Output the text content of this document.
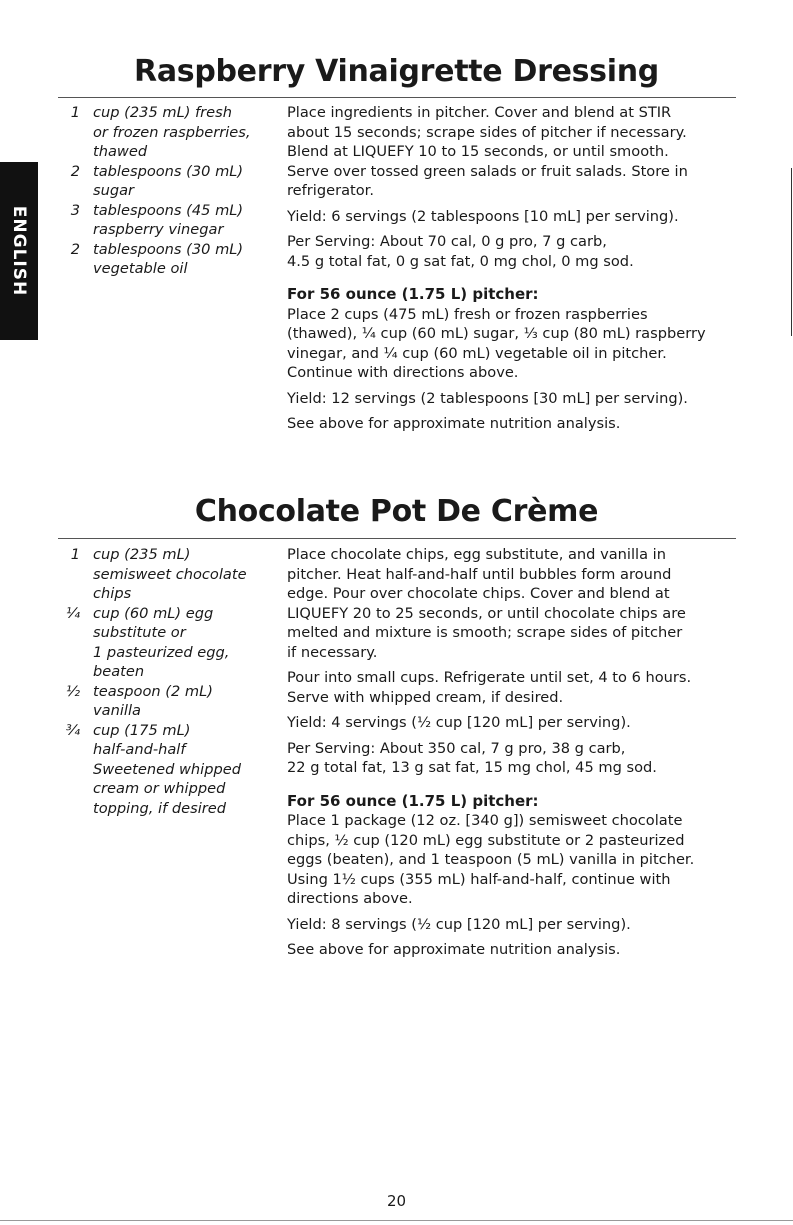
ENGLISH
Raspberry Vinaigrette Dressing
1 cup (235 mL) fresh
or frozen raspberries,
thawed
2 tablespoons (30 mL)
sugar
3 tablespoons (45 mL)
raspberry vinegar
2 tablespoons (30 mL)
vegetable oil

Place ingredients in pitcher. Cover and blend at STIR
about 15 seconds; scrape sides of pitcher if necessary.
Blend at LIQUEFY 10 to 15 seconds, or until smooth.
Serve over tossed green salads or fruit salads. Store in
refrigerator.

Yield: 6 servings (2 tablespoons [10 mL] per serving).

Per Serving: About 70 cal, 0 g pro, 7 g carb,
4.5 g total fat, 0 g sat fat, 0 mg chol, 0 mg sod.

For 56 ounce (1.75 L) pitcher:

Place 2 cups (475 mL) fresh or frozen raspberries
(thawed), ¼ cup (60 mL) sugar, ⅓ cup (80 mL) raspberry
vinegar, and ¼ cup (60 mL) vegetable oil in pitcher.
Continue with directions above.

Yield: 12 servings (2 tablespoons [30 mL] per serving).

See above for approximate nutrition analysis.

Chocolate Pot De Crème
1 cup (235 mL)
semisweet chocolate
chips
¼ cup (60 mL) egg
substitute or
1 pasteurized egg,
beaten
½ teaspoon (2 mL)
vanilla
¾ cup (175 mL)
half-and-half
Sweetened whipped
cream or whipped
topping, if desired

Place chocolate chips, egg substitute, and vanilla in
pitcher. Heat half-and-half until bubbles form around
edge. Pour over chocolate chips. Cover and blend at
LIQUEFY 20 to 25 seconds, or until chocolate chips are
melted and mixture is smooth; scrape sides of pitcher
if necessary.

Pour into small cups. Refrigerate until set, 4 to 6 hours.
Serve with whipped cream, if desired.

Yield: 4 servings (½ cup [120 mL] per serving).

Per Serving: About 350 cal, 7 g pro, 38 g carb,
22 g total fat, 13 g sat fat, 15 mg chol, 45 mg sod.

For 56 ounce (1.75 L) pitcher:

Place 1 package (12 oz. [340 g]) semisweet chocolate
chips, ½ cup (120 mL) egg substitute or 2 pasteurized
eggs (beaten), and 1 teaspoon (5 mL) vanilla in pitcher.
Using 1½ cups (355 mL) half-and-half, continue with
directions above.

Yield: 8 servings (½ cup [120 mL] per serving).

See above for approximate nutrition analysis.

20
